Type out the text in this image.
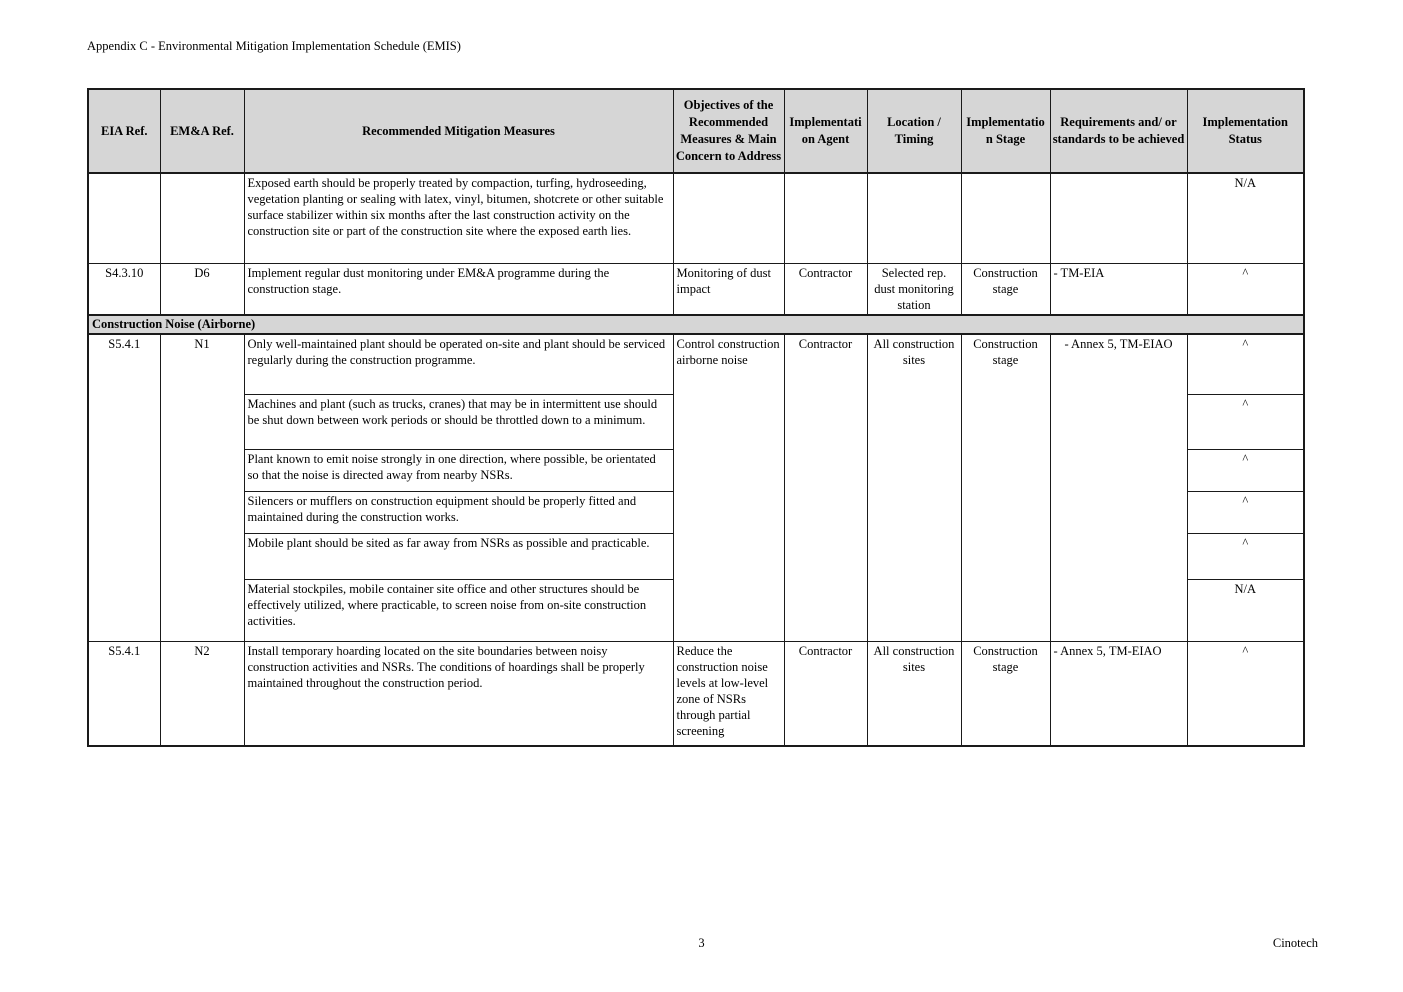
Appendix C - Environmental Mitigation Implementation Schedule (EMIS)
EIA Ref.	EM&A Ref.	Recommended Mitigation Measures	Objectives of the Recommended Measures & Main Concern to Address	Implementation Agent	Location / Timing	Implementation Stage	Requirements and/ or standards to be achieved	Implementation Status
		Exposed earth should be properly treated by compaction, turfing, hydroseeding, vegetation planting or sealing with latex, vinyl, bitumen, shotcrete or other suitable surface stabilizer within six months after the last construction activity on the construction site or part of the construction site where the exposed earth lies.						N/A
S4.3.10	D6	Implement regular dust monitoring under EM&A programme during the construction stage.	Monitoring of dust impact	Contractor	Selected rep. dust monitoring station	Construction stage	- TM-EIA	^
Construction Noise (Airborne)								
S5.4.1	N1	Only well-maintained plant should be operated on-site and plant should be serviced regularly during the construction programme.	Control construction airborne noise	Contractor	All construction sites	Construction stage	- Annex 5, TM-EIAO	^
		Machines and plant (such as trucks, cranes) that may be in intermittent use should be shut down between work periods or should be throttled down to a minimum.						^
		Plant known to emit noise strongly in one direction, where possible, be orientated so that the noise is directed away from nearby NSRs.						^
		Silencers or mufflers on construction equipment should be properly fitted and maintained during the construction works.						^
		Mobile plant should be sited as far away from NSRs as possible and practicable.						^
		Material stockpiles, mobile container site office and other structures should be effectively utilized, where practicable, to screen noise from on-site construction activities.						N/A
S5.4.1	N2	Install temporary hoarding located on the site boundaries between noisy construction activities and NSRs. The conditions of hoardings shall be properly maintained throughout the construction period.	Reduce the construction noise levels at low-level zone of NSRs through partial screening	Contractor	All construction sites	Construction stage	- Annex 5, TM-EIAO	^
3	Cinotech
